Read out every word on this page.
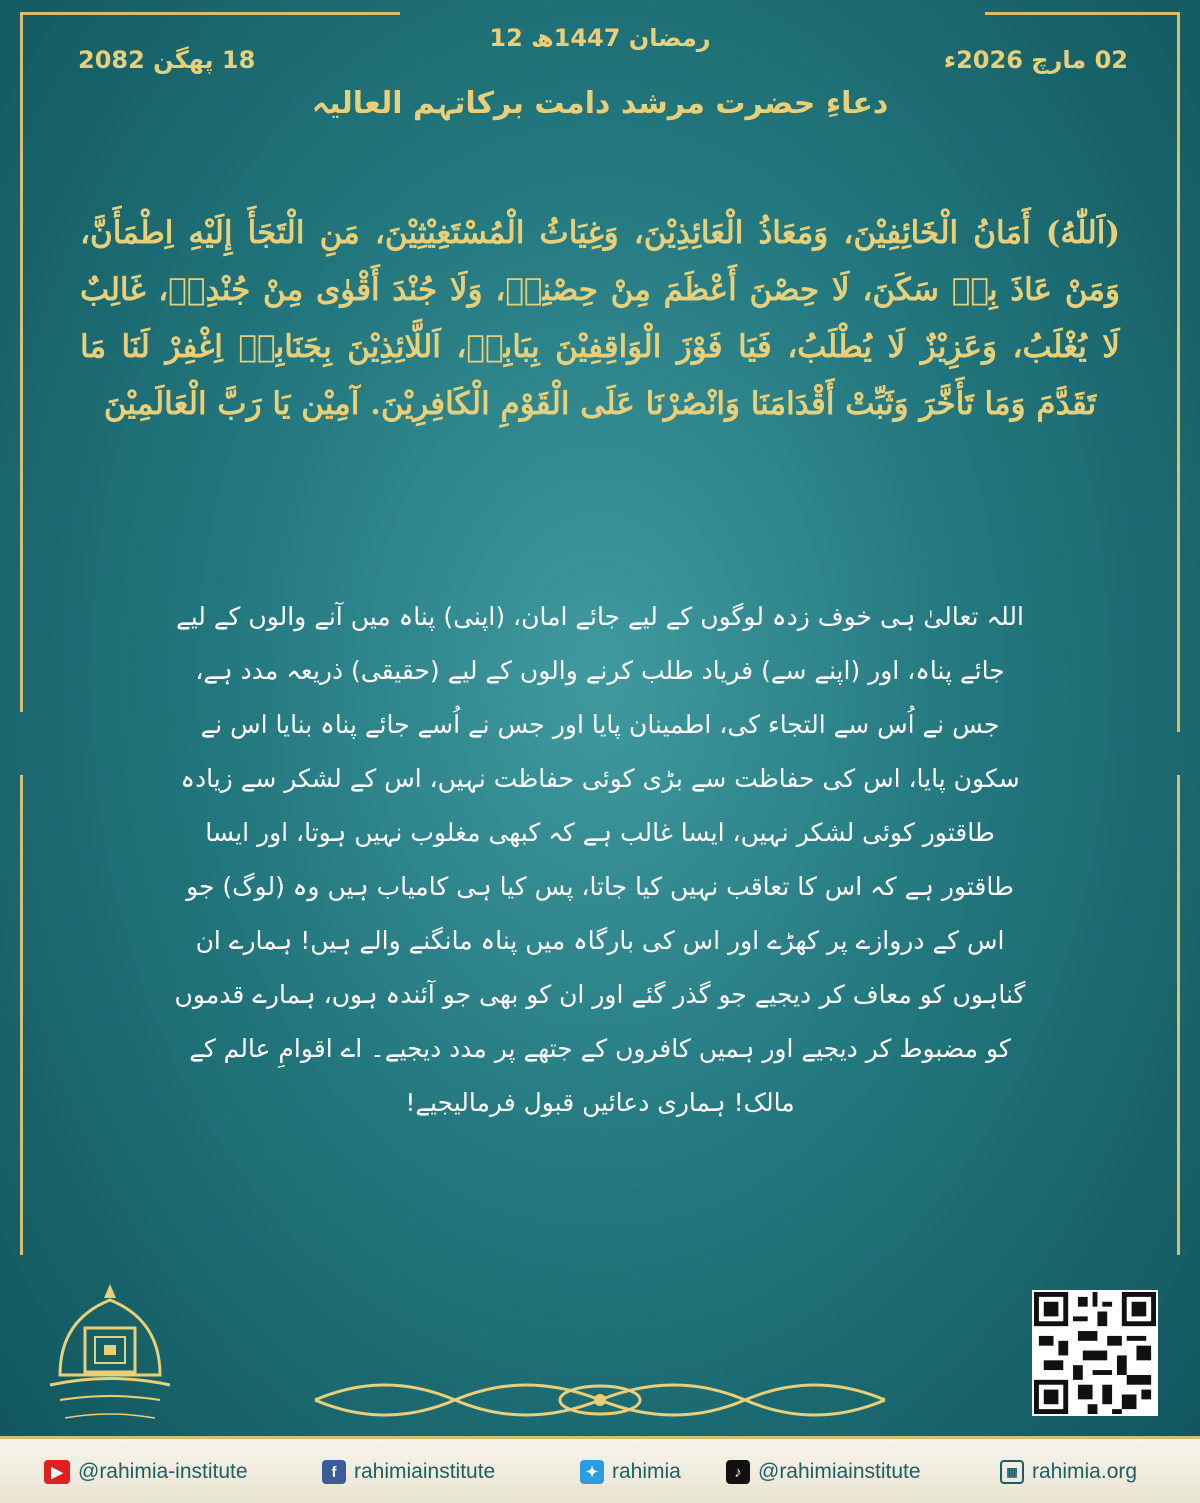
12 رمضان 1447ھ
02 مارچ 2026ء
18 پھگن 2082
دعاءِ حضرت مرشد دامت برکاتہم العالیہ
(اَللّٰهُ) أَمَانُ الْخَائِفِيْنَ، وَمَعَاذُ الْعَائِذِيْنَ، وَغِيَاثُ الْمُسْتَغِيْثِيْنَ، مَنِ الْتَجَأَ إِلَيْهِ اِطْمَأَنَّ، وَمَنْ عَاذَ بِهٖ سَكَنَ، لَا حِصْنَ أَعْظَمَ مِنْ حِصْنِهٖ، وَلَا جُنْدَ أَقْوٰى مِنْ جُنْدِهٖ، غَالِبٌ لَا يُغْلَبُ، وَعَزِيْزٌ لَا يُطْلَبُ، فَيَا فَوْزَ الْوَاقِفِيْنَ بِبَابِهٖ، اَللَّائِذِيْنَ بِجَنَابِهٖ اِغْفِرْ لَنَا مَا تَقَدَّمَ وَمَا تَأَخَّرَ وَثَبِّتْ أَقْدَامَنَا وَانْصُرْنَا عَلَى الْقَوْمِ الْكَافِرِيْنَ. آمِيْن يَا رَبَّ الْعَالَمِيْنَ
اللہ تعالیٰ ہی خوف زدہ لوگوں کے لیے جائے امان، (اپنی) پناہ میں آنے والوں کے لیے جائے پناہ، اور (اپنے سے) فریاد طلب کرنے والوں کے لیے (حقیقی) ذریعہ مدد ہے، جس نے اُس سے التجاء کی، اطمینان پایا اور جس نے اُسے جائے پناہ بنایا اس نے سکون پایا، اس کی حفاظت سے بڑی کوئی حفاظت نہیں، اس کے لشکر سے زیادہ طاقتور کوئی لشکر نہیں، ایسا غالب ہے کہ کبھی مغلوب نہیں ہوتا، اور ایسا طاقتور ہے کہ اس کا تعاقب نہیں کیا جاتا، پس کیا ہی کامیاب ہیں وہ (لوگ) جو اس کے دروازے پر کھڑے اور اس کی بارگاہ میں پناہ مانگنے والے ہیں! ہمارے ان گناہوں کو معاف کر دیجیے جو گذر گئے اور ان کو بھی جو آئندہ ہوں، ہمارے قدموں کو مضبوط کر دیجیے اور ہمیں کافروں کے جتھے پر مدد دیجیے۔ اے اقوامِ عالم کے مالک! ہماری دعائیں قبول فرمالیجیے!
▶ @rahimia-institute	f rahimiainstitute	✦ rahimia	♪ @rahimiainstitute	▦ rahimia.org
